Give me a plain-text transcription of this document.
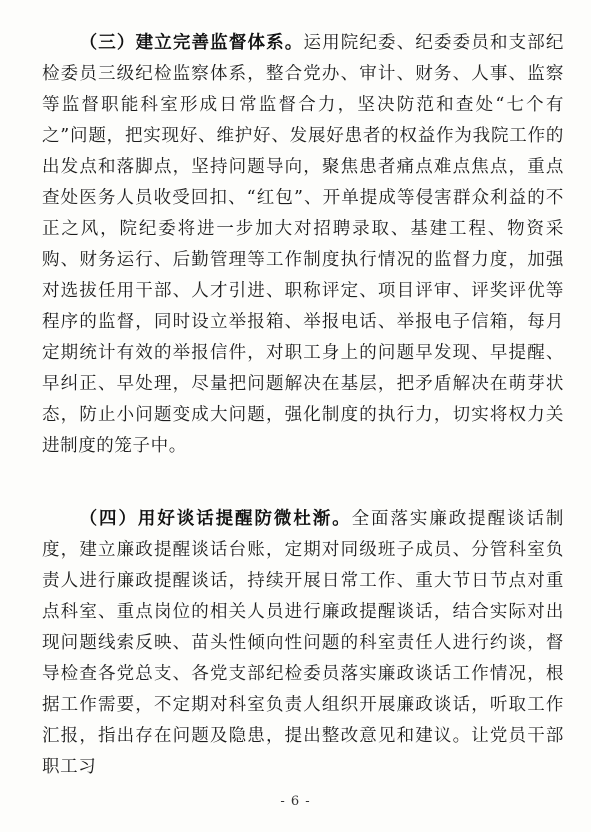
（三）建立完善监督体系。运用院纪委、纪委委员和支部纪检委员三级纪检监察体系，整合党办、审计、财务、人事、监察等监督职能科室形成日常监督合力，坚决防范和查处“七个有之”问题，把实现好、维护好、发展好患者的权益作为我院工作的出发点和落脚点，坚持问题导向，聚焦患者痛点难点焦点，重点查处医务人员收受回扣、“红包”、开单提成等侵害群众利益的不正之风，院纪委将进一步加大对招聘录取、基建工程、物资采购、财务运行、后勤管理等工作制度执行情况的监督力度，加强对选拔任用干部、人才引进、职称评定、项目评审、评奖评优等程序的监督，同时设立举报箱、举报电话、举报电子信箱，每月定期统计有效的举报信件，对职工身上的问题早发现、早提醒、早纠正、早处理，尽量把问题解决在基层，把矛盾解决在萌芽状态，防止小问题变成大问题，强化制度的执行力，切实将权力关进制度的笼子中。

（四）用好谈话提醒防微杜渐。全面落实廉政提醒谈话制度，建立廉政提醒谈话台账，定期对同级班子成员、分管科室负责人进行廉政提醒谈话，持续开展日常工作、重大节日节点对重点科室、重点岗位的相关人员进行廉政提醒谈话，结合实际对出现问题线索反映、苗头性倾向性问题的科室责任人进行约谈，督导检查各党总支、各党支部纪检委员落实廉政谈话工作情况，根据工作需要，不定期对科室负责人组织开展廉政谈话，听取工作汇报，指出存在问题及隐患，提出整改意见和建议。让党员干部职工习

- 6 -
